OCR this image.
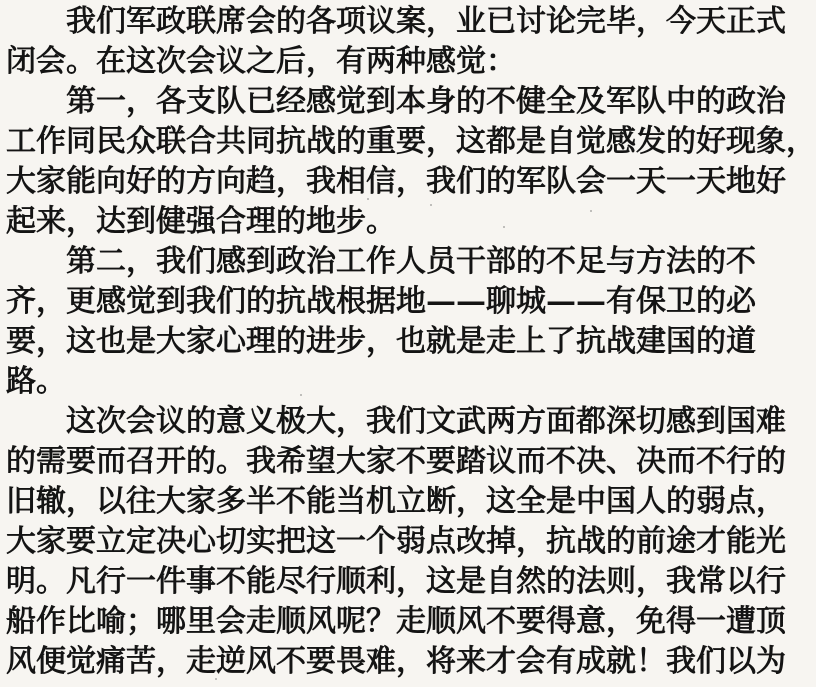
我们军政联席会的各项议案，业已讨论完毕，今天正式
闭会。在这次会议之后，有两种感觉：
第一，各支队已经感觉到本身的不健全及军队中的政治
工作同民众联合共同抗战的重要，这都是自觉感发的好现象，
大家能向好的方向趋，我相信，我们的军队会一天一天地好
起来，达到健强合理的地步。
第二，我们感到政治工作人员干部的不足与方法的不
齐，更感觉到我们的抗战根据地——聊城——有保卫的必
要，这也是大家心理的进步，也就是走上了抗战建国的道
路。
这次会议的意义极大，我们文武两方面都深切感到国难
的需要而召开的。我希望大家不要踏议而不决、决而不行的
旧辙，以往大家多半不能当机立断，这全是中国人的弱点，
大家要立定决心切实把这一个弱点改掉，抗战的前途才能光
明。凡行一件事不能尽行顺利，这是自然的法则，我常以行
船作比喻；哪里会走顺风呢？走顺风不要得意，免得一遭顶
风便觉痛苦，走逆风不要畏难，将来才会有成就！我们以为
